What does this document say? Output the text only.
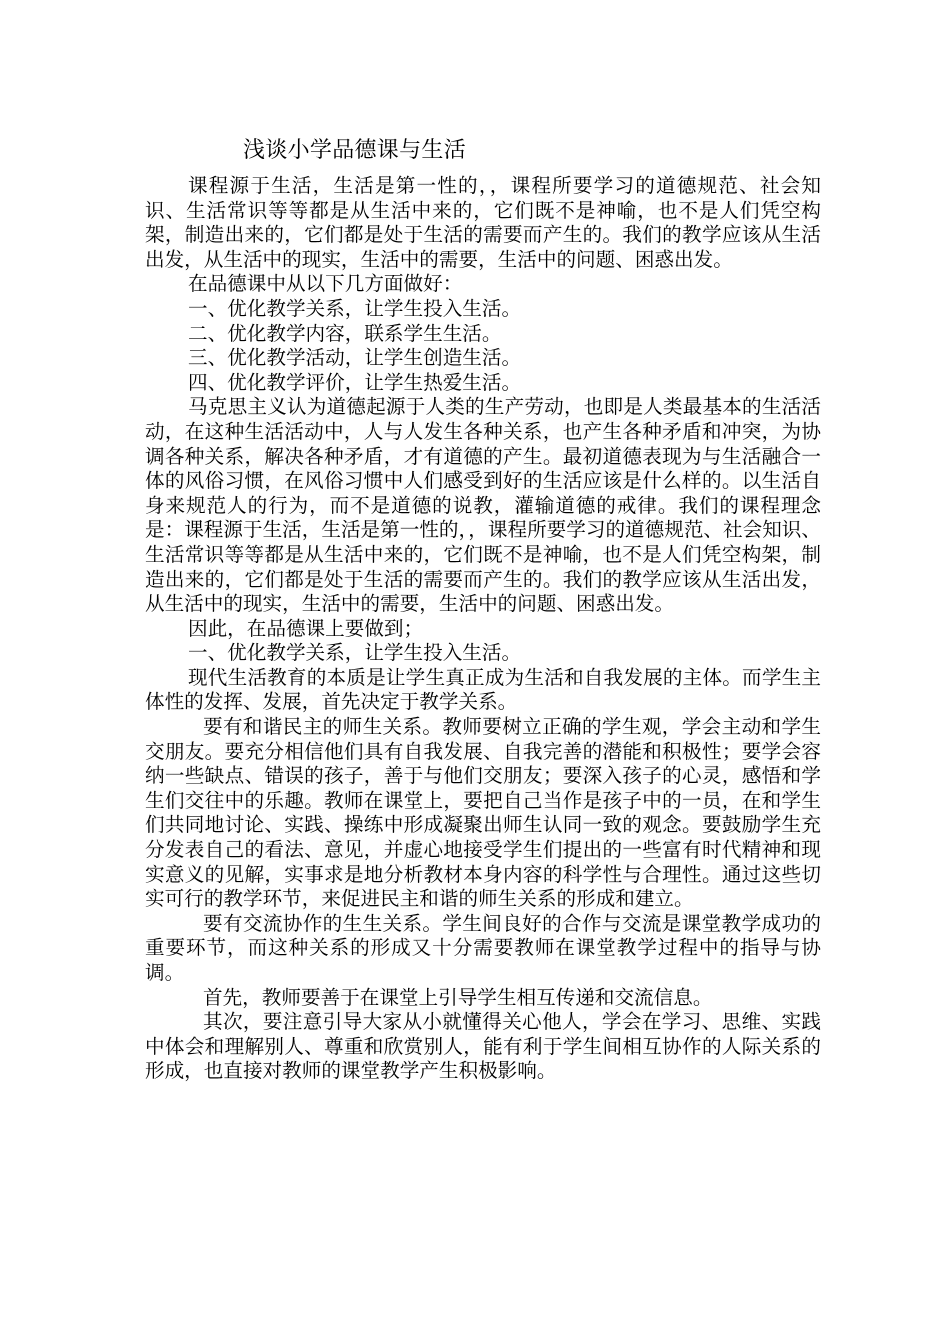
浅谈小学品德课与生活

课程源于生活，生活是第一性的，，课程所要学习的道德规范、社会知识、生活常识等等都是从生活中来的，它们既不是神喻，也不是人们凭空构架，制造出来的，它们都是处于生活的需要而产生的。我们的教学应该从生活出发，从生活中的现实，生活中的需要，生活中的问题、困惑出发。

在品德课中从以下几方面做好：

一、优化教学关系，让学生投入生活。

二、优化教学内容，联系学生生活。

三、优化教学活动，让学生创造生活。

四、优化教学评价，让学生热爱生活。

马克思主义认为道德起源于人类的生产劳动，也即是人类最基本的生活活动，在这种生活活动中，人与人发生各种关系，也产生各种矛盾和冲突，为协调各种关系，解决各种矛盾，才有道德的产生。最初道德表现为与生活融合一体的风俗习惯，在风俗习惯中人们感受到好的生活应该是什么样的。以生活自身来规范人的行为，而不是道德的说教，灌输道德的戒律。我们的课程理念是：课程源于生活，生活是第一性的，，课程所要学习的道德规范、社会知识、生活常识等等都是从生活中来的，它们既不是神喻，也不是人们凭空构架，制造出来的，它们都是处于生活的需要而产生的。我们的教学应该从生活出发，从生活中的现实，生活中的需要，生活中的问题、困惑出发。

因此，在品德课上要做到；

一、优化教学关系，让学生投入生活。

现代生活教育的本质是让学生真正成为生活和自我发展的主体。而学生主体性的发挥、发展，首先决定于教学关系。

要有和谐民主的师生关系。教师要树立正确的学生观，学会主动和学生交朋友。要充分相信他们具有自我发展、自我完善的潜能和积极性；要学会容纳一些缺点、错误的孩子，善于与他们交朋友；要深入孩子的心灵，感悟和学生们交往中的乐趣。教师在课堂上，要把自己当作是孩子中的一员，在和学生们共同地讨论、实践、操练中形成凝聚出师生认同一致的观念。要鼓励学生充分发表自己的看法、意见，并虚心地接受学生们提出的一些富有时代精神和现实意义的见解，实事求是地分析教材本身内容的科学性与合理性。通过这些切实可行的教学环节，来促进民主和谐的师生关系的形成和建立。

要有交流协作的生生关系。学生间良好的合作与交流是课堂教学成功的重要环节，而这种关系的形成又十分需要教师在课堂教学过程中的指导与协调。

首先，教师要善于在课堂上引导学生相互传递和交流信息。

其次，要注意引导大家从小就懂得关心他人，学会在学习、思维、实践中体会和理解别人、尊重和欣赏别人，能有利于学生间相互协作的人际关系的形成，也直接对教师的课堂教学产生积极影响。
